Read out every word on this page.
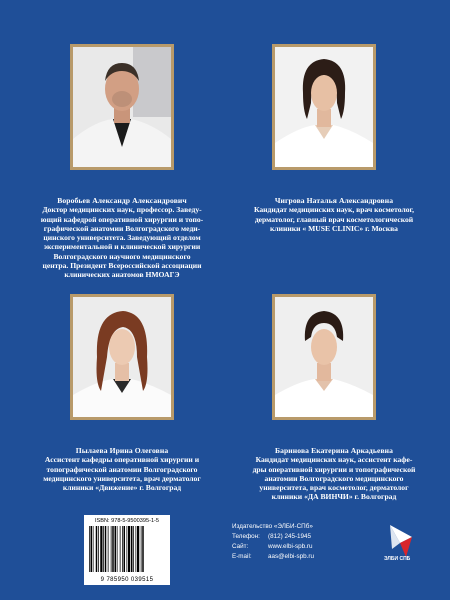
Воробьев Александр Александрович
Доктор медицинских наук, профессор. Заведу-
ющий кафедрой оперативной хирургии и топо-
графической анатомии Волгоградского меди-
цинского университета. Заведующий отделом
экспериментальной и клинической хирургии
Волгоградского научного медицинского
центра. Президент Всероссийской ассоциации
клинических анатомов НМОАГЭ
Чигрова Наталья Александровна
Кандидат медицинских наук, врач косметолог,
дерматолог, главный врач косметологической
клиники « MUSE CLINIC» г. Москва
Пылаева Ирина Олеговна
Ассистент кафедры оперативной хирургии и
топографической анатомии Волгоградского
медицинского университета, врач дерматолог
клиники «Движение» г. Волгоград
Баринова Екатерина Аркадьевна
Кандидат медицинских наук, ассистент кафе-
дры оперативной хирургии и топографической
анатомии Волгоградского медицинского
университета, врач косметолог, дерматолог
клиники «ДА ВИНЧИ» г. Волгоград
ISBN: 978-5-9500395-1-5
9 785950 039515
Издательство «ЭЛБИ-СПб»
Телефон:	(812) 245-1945
Сайт:	www.elbi-spb.ru
E-mail:	aas@elbi-spb.ru	ЭЛБИ СПБ
